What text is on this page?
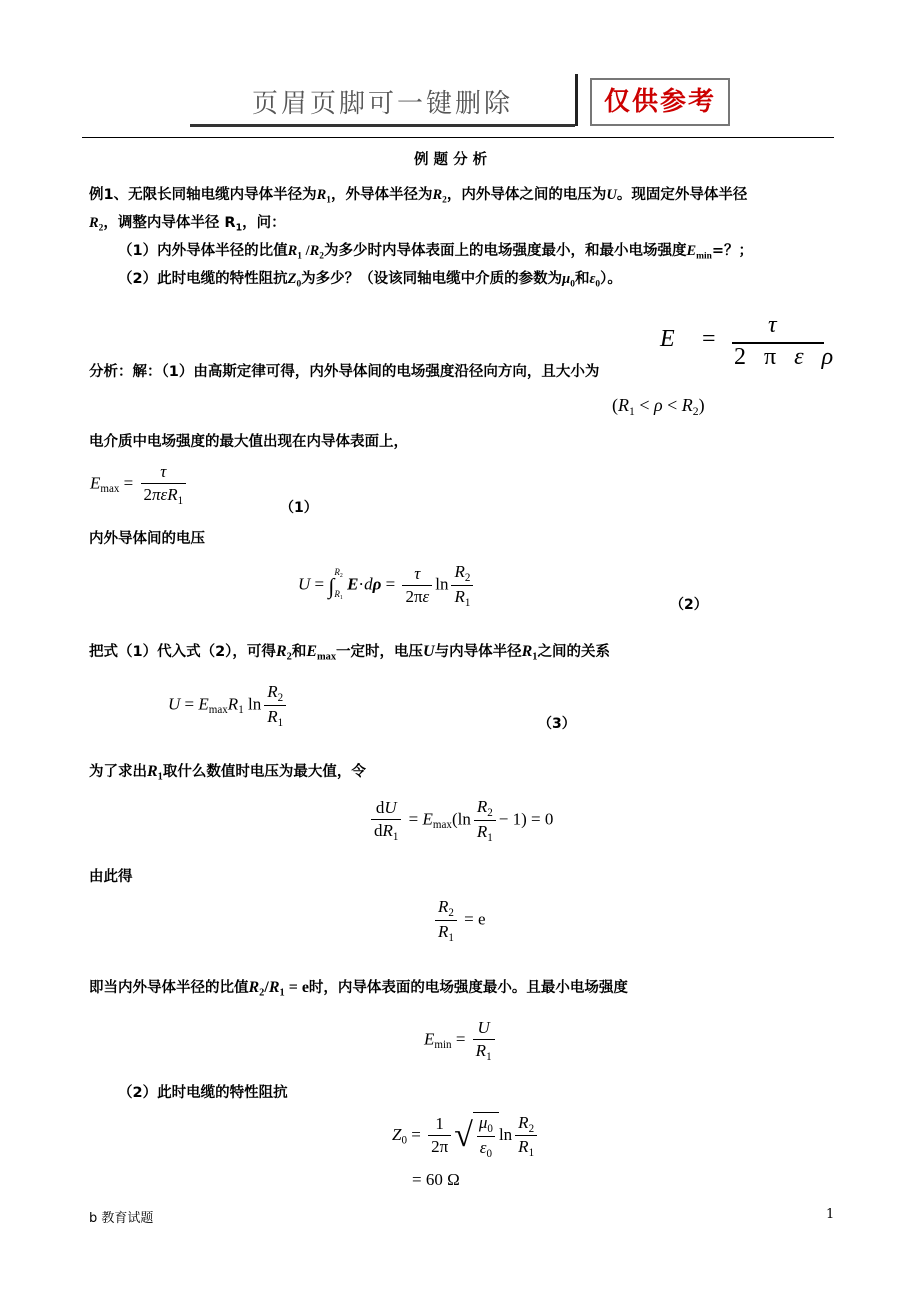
页眉页脚可一键删除	仅供参考
例 题 分 析
例1、无限长同轴电缆内导体半径为$R_1$，外导体半径为$R_2$，内外导体之间的电压为U。现固定外导体半径
$R_2$，调整内导体半径 $R_1$，问：
（1）内外导体半径的比值$R_1$ $/R_2$为多少时内导体表面上的电场强度最小，和最小电场强度$E_{min}=$？；
（2）此时电缆的特性阻抗$Z_0$为多少？（设该同轴电缆中介质的参数为$\mu_0$和$\varepsilon_0$）。
E =
τ
2 π ε ρ
分析：解：（1）由高斯定律可得，内外导体间的电场强度沿径向方向，且大小为
$(R_1 < \rho < R_2)$
电介质中电场强度的最大值出现在内导体表面上，
$E_{max} = \frac{\tau}{2\pi\varepsilon R_1}$
（1）
内外导体间的电压
U = ∫
$R_2$
$R_1$
$E\cdot d\rho = \frac{\tau}{2\pi\varepsilon}$ $\ln \frac{R_2}{R_1}$	（2）
把式（1）代入式（2），可得$R_2$和$E_{max}$一定时，电压U与内导体半径$R_1$之间的关系
$U = E_{max}R_1$ $\ln \frac{R_2}{R_1}$	（3）
为了求出$R_1$取什么数值时电压为最大值，令
$\frac{dU}{dR_1} = E_{max}(\ln \frac{R_2}{R_1} - 1) = 0$
由此得
$\frac{R_2}{R_1} = e$
即当内外导体半径的比值$R_2/R_1 = e$时，内导体表面的电场强度最小。且最小电场强度
$E_{min} = \frac{U}{R_1}$
（2）此时电缆的特性阻抗
$Z_0 = \frac{1}{2\pi}$ √ $\frac{\mu_0}{\varepsilon_0}$ $\ln \frac{R_2}{R_1}$
= 60 Ω
b 教育试题	1
